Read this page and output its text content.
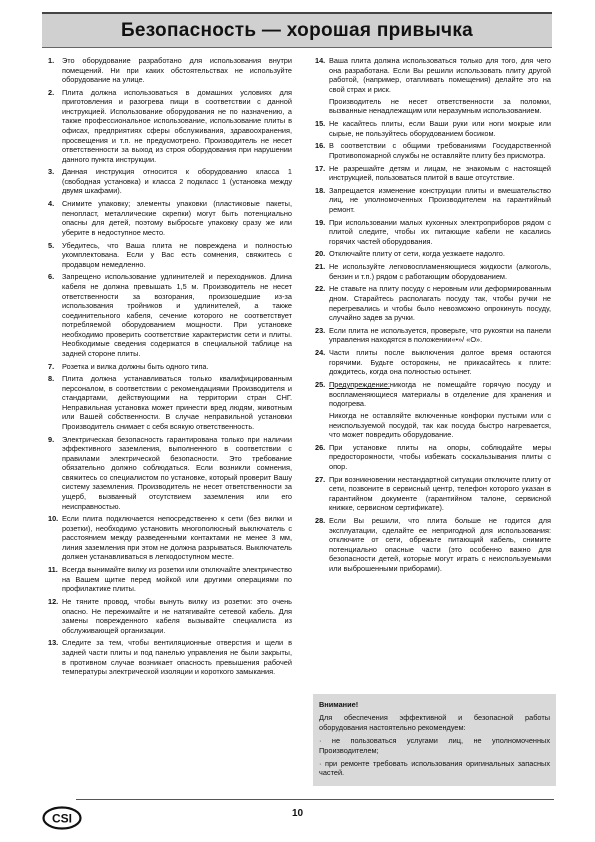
Безопасность — хорошая привычка
1. Это оборудование разработано для использования внутри помещений. Ни при каких обстоятельствах не используйте оборудование на улице.

2. Плита должна использоваться в домашних условиях для приготовления и разогрева пищи в соответствии с данной инструкцией. Использование оборудования не по назначению, а также профессиональное использование, использование плиты в офисах, предприятиях сферы обслуживания, здравоохранения, просвещения и т.п. не предусмотрено. Производитель не несет ответственности за выход из строя оборудования при нарушении данного пункта инструкции.

3. Данная инструкция относится к оборудованию класса 1 (свободная установка) и класса 2 подкласс 1 (установка между двумя шкафами).

4. Снимите упаковку; элементы упаковки (пластиковые пакеты, пенопласт, металлические скрепки) могут быть потенциально опасны для детей, поэтому выбросьте упаковку сразу же или уберите в недоступное место.

5. Убедитесь, что Ваша плита не повреждена и полностью укомплектована. Если у Вас есть сомнения, свяжитесь с продавцом немедленно.

6. Запрещено использование удлинителей и переходников. Длина кабеля не должна превышать 1,5 м. Производитель не несет ответственности за возгорания, произошедшие из-за использования тройников и удлинителей, а также соединительного кабеля, сечение которого не соответствует потребляемой оборудованием мощности. При установке необходимо проверить соответствие характеристик сети и плиты. Необходимые сведения содержатся в специальной таблице на задней стороне плиты.

7. Розетка и вилка должны быть одного типа.

8. Плита должна устанавливаться только квалифицированным персоналом, в соответствии с рекомендациями Производителя и стандартами, действующими на территории стран СНГ. Неправильная установка может принести вред людям, животным или Вашей собственности. В случае неправильной установки Производитель снимает с себя всякую ответственность.

9. Электрическая безопасность гарантирована только при наличии эффективного заземления, выполненного в соответствии с правилами электрической безопасности. Это требование обязательно должно соблюдаться. Если возникли сомнения, свяжитесь со специалистом по установке, который проверит Вашу систему заземления. Производитель не несет ответственности за ущерб, вызванный отсутствием заземления или его неисправностью.

10. Если плита подключается непосредственно к сети (без вилки и розетки), необходимо установить многополюсный выключатель с расстоянием между разведенными контактами не менее 3 мм, линия заземления при этом не должна разрываться. Выключатель должен устанавливаться в легкодоступном месте.

11. Всегда вынимайте вилку из розетки или отключайте электричество на Вашем щитке перед мойкой или другими операциями по профилактике плиты.

12. Не тяните провод, чтобы вынуть вилку из розетки: это очень опасно. Не пережимайте и не натягивайте сетевой кабель. Для замены поврежденного кабеля вызывайте специалиста из обслуживающей организации.

13. Следите за тем, чтобы вентиляционные отверстия и щели в задней части плиты и под панелью управления не были закрыты, в противном случае возникает опасность превышения рабочей температуры электрической изоляции и короткого замыкания.

14. Ваша плита должна использоваться только для того, для чего она разработана. Если Вы решили использовать плиту другой работой, (например, отапливать помещения) делайте это на свой страх и риск.

Производитель не несет ответственности за поломки, вызванные ненадлежащим или неразумным использованием.

15. Не касайтесь плиты, если Ваши руки или ноги мокрые или сырые, не пользуйтесь оборудованием босиком.

16. В соответствии с общими требованиями Государственной Противопожарной службы не оставляйте плиту без присмотра.

17. Не разрешайте детям и лицам, не знакомым с настоящей инструкцией, пользоваться плитой в ваше отсутствие.

18. Запрещается изменение конструкции плиты и вмешательство лиц, не уполномоченных Производителем на гарантийный ремонт.

19. При использовании малых кухонных электроприборов рядом с плитой следите, чтобы их питающие кабели не касались горячих частей оборудования.

20. Отключайте плиту от сети, когда уезжаете надолго.

21. Не используйте легковоспламеняющиеся жидкости (алкоголь, бензин и т.п.) рядом с работающим оборудованием.

22. Не ставьте на плиту посуду с неровным или деформированным дном. Старайтесь располагать посуду так, чтобы ручки не перегревались и чтобы было невозможно опрокинуть посуду, случайно задев за ручки.

23. Если плита не используется, проверьте, что рукоятки на панели управления находятся в положении«•»/ «О».

24. Части плиты после выключения долгое время остаются горячими. Будьте осторожны, не прикасайтесь к плите: дождитесь, когда она полностью остынет.

25. Предупреждение:никогда не помещайте горячую посуду и воспламеняющиеся материалы в отделение для хранения и подогрева.

Никогда не оставляйте включенные конфорки пустыми или с неиспользуемой посудой, так как посуда быстро нагревается, что может повредить оборудование.

26. При установке плиты на опоры, соблюдайте меры предосторожности, чтобы избежать соскальзывания плиты с опор.

27. При возникновении нестандартной ситуации отключите плиту от сети, позвоните в сервисный центр, телефон которого указан в гарантийном документе (гарантийном талоне, сервисной книжке, сервисном сертификате).

28. Если Вы решили, что плита больше не годится для эксплуатации, сделайте ее непригодной для использования: отключите от сети, обрежьте питающий кабель, снимите потенциально опасные части (это особенно важно для безопасности детей, которые могут играть с неиспользуемыми или выброшенными приборами).

Внимание!

Для обеспечения эффективной и безопасной работы оборудования настоятельно рекомендуем:

· не пользоваться услугами лиц, не уполномоченных Производителем;

· при ремонте требовать использования оригинальных запасных частей.

CSI	10
